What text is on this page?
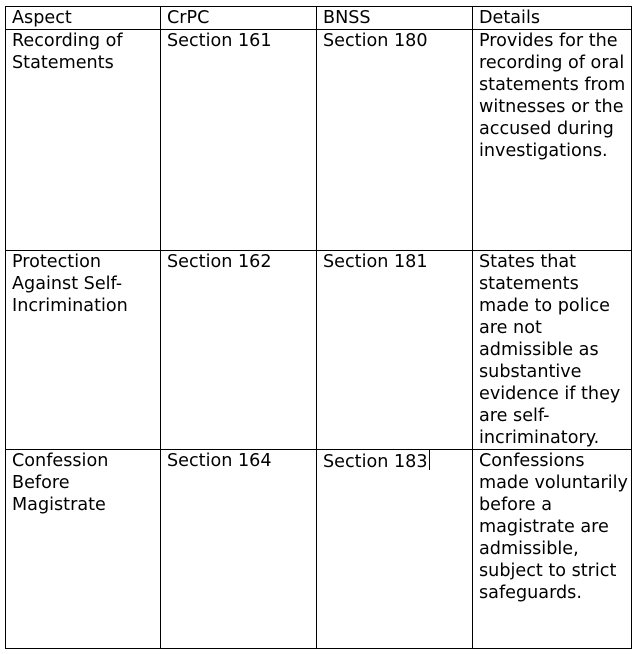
Aspect	CrPC	BNSS	Details
Recording of Statements	Section 161	Section 180	Provides for the recording of oral statements from witnesses or the accused during investigations.
Protection Against Self-Incrimination	Section 162	Section 181	States that statements made to police are not admissible as substantive evidence if they are self-incriminatory.
Confession Before Magistrate	Section 164	Section 183	Confessions made voluntarily before a magistrate are admissible, subject to strict safeguards.
